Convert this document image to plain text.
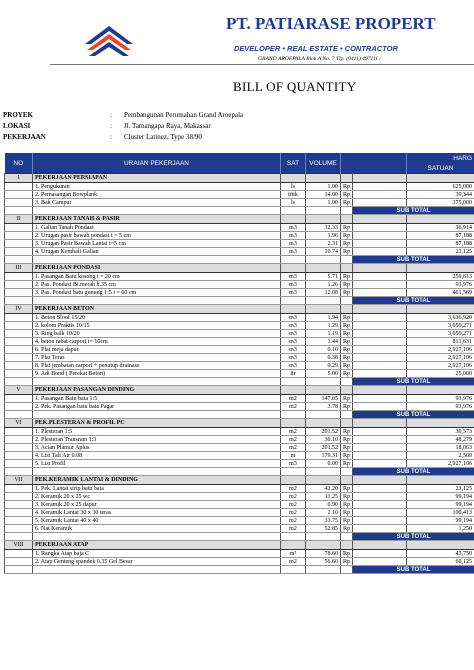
PT. PATIARASE PROPERT
DEVELOPER • REAL ESTATE • CONTRACTOR
GRAND AROEPALA Blok A No. 7 Tlp. (0411) 497111 /
BILL OF QUANTITY
PROYEK	: Pembangunan Perumahan Grand Aroepala
LOKASI	: Jl. Tamangapa Raya, Makassar
PEKERJAAN	: Cluster Latinez, Type 38/90
NO	URAIAN PEKERJAAN	SAT	VOLUME			HARG
						SATUAN
I	PEKERJAAN PERSIAPAN					
	1. Pengukuran	ls	1.00	Rp		625,000
	2. Pemasangan Bowplank	titik	14.00	Rp		39,344
	3. Bak Campur	ls	1.00	Rp		375,000
					SUB TOTAL	
II	PEKERJAAN TANAH & PASIR					
	1. Galian Tanah Pondasi	m3	32.33	Rp		36,914
	2. Urugan pasir bawah pondasi t = 5 cm	m3	1.96	Rp		87,188
	3. Urugan Pasir Bawah Lantai t=5 cm	m3	2.31	Rp		87,188
	4. Urugan Kembali Galian	m3	10.74	Rp		23,125
					SUB TOTAL	
III	PEKERJAAN PONDASI					
	1. Pasangan Batu kosong t = 20 cm	m3	5.71	Rp		259,813
	2. Pas. Pondasi Bt.merah h.35 cm	m3	1.26	Rp		93,976
	3. Pas. Pondasi batu gunung 1:5 t = 60 cm	m3	12.08	Rp		461,569
					SUB TOTAL	
IV	PEKERJAAN BETON					
	1. Beton Sloof 15/20	m3	1.94	Rp		3,636,920
	2. kolom Praktis 10/15	m3	1.29	Rp		3,050,271
	3. Ring balk 10/20	m3	1.19	Rp		3,050,271
	4. beton rabat carport t= 10cm	m3	1.44	Rp		813,631
	6. Plat meja dapur	m3	0.10	Rp		2,927,106
	7. Plat Teras	m3	0.38	Rp		2,927,106
	8. Plat jembatan carport + penutup drainase	m3	0.29	Rp		2,927,106
	9. Adi Bond ( Perekat Beton)	ltr	5.00	Rp		25,000
					SUB TOTAL	
V	PEKERJAAN PASANGAN DINDING					
	1. Pasangan Batu bata 1:5	m2	147.05	Rp		93,976
	2. Pek. Pasangan batu bata Pagar	m2	3.78	Rp		93,976
					SUB TOTAL	
VI	PEK.PLESTERAN & PROFIL PC					
	1. Plesteran 1:5	m2	201.52	Rp		30,573
	2. Plesteran Transram 1:3	m2	30.10	Rp		48,279
	3. Acian Plamur Aplus	m2	201.52	Rp		18,063
	4. List Tali Air 0.08	m	179.31	Rp		2,500
	5. List Profil	m3	0.00	Rp		2,927,106
					SUB TOTAL	
VII	PEK.KERAMIK LANTAI & DINDING					
	1. Pek. Lantai sirip batu bata	m2	42.20	Rp		23,125
	2. Keramik 20 x 25 wc	m2	11.25	Rp		99,194
	3. Keramik 20 x 25 dapur	m2	0.90	Rp		99,194
	4. Keramik Lantai 30 x 30 teras	m2	2.10	Rp		100,413
	5. Keramik Lantai 40 x 40	m2	33.75	Rp		99,194
	6. Nat Keramik	m2	52.85	Rp		1,250
					SUB TOTAL	
VIII	PEKERJAAN ATAP					
	1. Rangka Atap baja C	m²	78.60	Rp		43,750
	2. Atap Genteng spandek 0.35 Gel Besar	m2	56.60	Rp		60,125
					SUB TOTAL	
